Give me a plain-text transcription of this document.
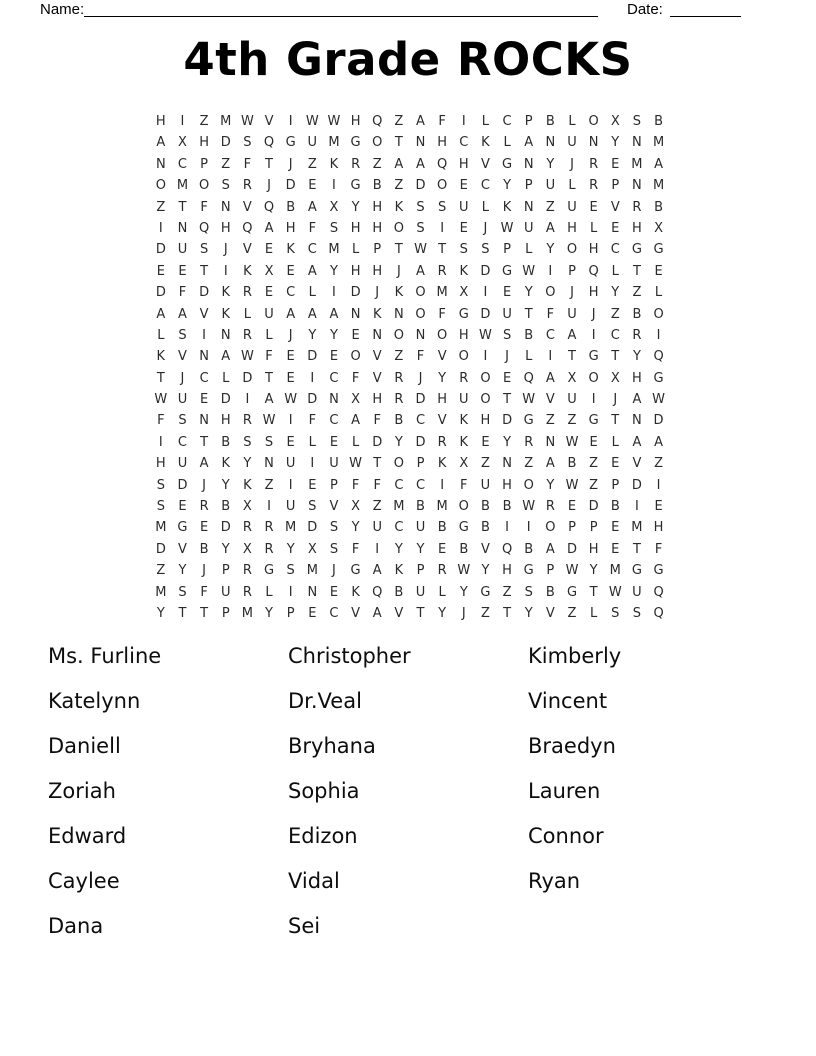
Name:	Date:
4th Grade ROCKS
H	I	Z M W V	I	W W H Q Z A	F	I	L	C	P	B	L O X	S	B
A X H D S Q G U M G O T N H C K	L	A N U N Y N M
N C	P	Z	F	T	J	Z K R Z A A Q H V G N Y	J	R	E M A
O M O S R	J	D E	I	G B Z D O E	C	Y	P U	L	R	P N M
Z	T	F	N V Q B A X	Y H K	S	S U	L	K N Z U E	V R B
I	N Q H Q A H	F	S H H O S	I	E	J	W U A H	L	E H X
D U S	J	V	E	K C M L	P	T W T	S	S	P	L	Y O H C G G
E	E	T	I	K X	E	A	Y H H	J	A R K D G W	I	P Q L	T	E
D F D K R	E	C	L	I	D	J	K O M X	I	E	Y O	J	H Y	Z	L
A A V K	L	U A A A N K N O F G D U T	F	U	J	Z B O
L	S	I	N R	L	J	Y	Y	E N O N O H W S	B C A	I	C R	I
K V N A W F	E D E O V Z	F	V O	I	J	L	I	T G T	Y Q
T	J	C	L	D T	E	I	C	F	V R	J	Y	R O E Q A X O X H G
W U E D	I	A W D N X H R D H U O T W V U	I	J	A W
F	S N H R W	I	F	C A	F	B C V K H D G Z Z G T N D
I	C	T	B	S	S	E	L	E	L	D Y D R K	E	Y	R N W E	L	A A
H U A K	Y N U	I	U W T O P	K X Z N Z A B Z	E	V Z
S D	J	Y	K Z	I	E	P	F	F	C C	I	F	U H O Y W Z	P D	I
S	E	R B X	I	U S	V X Z M B M O B B W R	E D B	I	E
M G E D R R M D S	Y U C U B G B	I	I	O P	P	E M H
D V B	Y	X R	Y	X	S	F	I	Y	Y	E	B V Q B A D H E	T	F
Z	Y	J	P	R G S M	J	G A K	P	R W Y H G P W Y M G G
M S	F	U R	L	I	N E	K Q B U	L	Y G Z	S	B G T W U Q
Y	T	T	P M Y	P	E	C V A V	T	Y	J	Z	T	Y	V Z	L	S	S Q
Ms. Furline
Katelynn
Daniell
Zoriah
Edward
Caylee
Dana
Christopher
Dr.Veal
Bryhana
Sophia
Edizon
Vidal
Sei
Kimberly
Vincent
Braedyn
Lauren
Connor
Ryan
